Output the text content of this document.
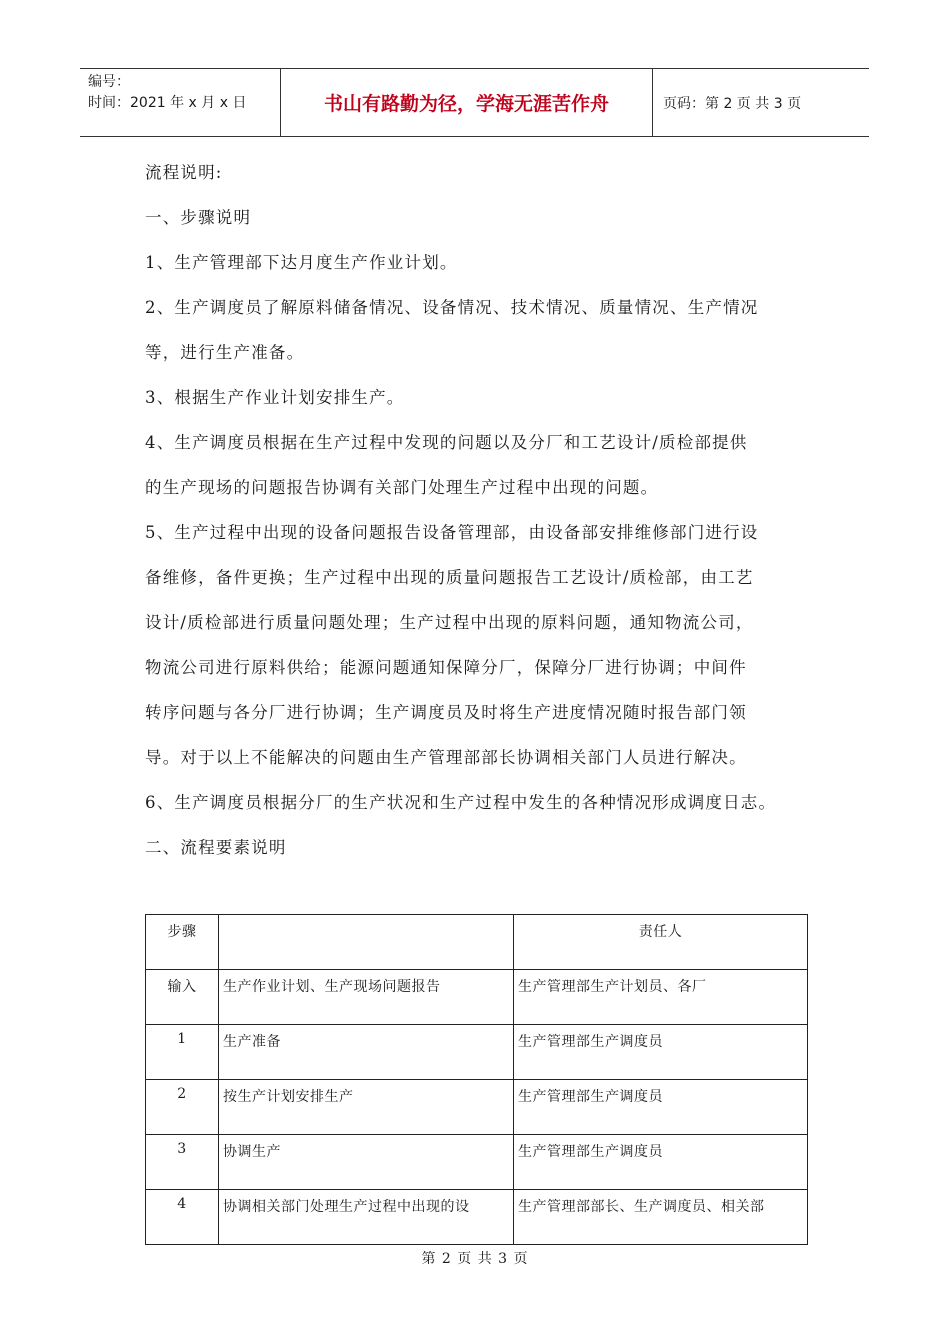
编号：
时间：2021 年 x 月 x 日	书山有路勤为径，学海无涯苦作舟	页码：第 2 页 共 3 页

流程说明:

一、步骤说明

1、生产管理部下达月度生产作业计划。

2、生产调度员了解原料储备情况、设备情况、技术情况、质量情况、生产情况

等，进行生产准备。

3、根据生产作业计划安排生产。

4、生产调度员根据在生产过程中发现的问题以及分厂和工艺设计/质检部提供

的生产现场的问题报告协调有关部门处理生产过程中出现的问题。

5、生产过程中出现的设备问题报告设备管理部，由设备部安排维修部门进行设

备维修，备件更换；生产过程中出现的质量问题报告工艺设计/质检部，由工艺

设计/质检部进行质量问题处理；生产过程中出现的原料问题，通知物流公司，

物流公司进行原料供给；能源问题通知保障分厂，保障分厂进行协调；中间件

转序问题与各分厂进行协调；生产调度员及时将生产进度情况随时报告部门领

导。对于以上不能解决的问题由生产管理部部长协调相关部门人员进行解决。

6、生产调度员根据分厂的生产状况和生产过程中发生的各种情况形成调度日志。

二、流程要素说明

步骤		责任人
输入	生产作业计划、生产现场问题报告	生产管理部生产计划员、各厂
1	生产准备	生产管理部生产调度员
2	按生产计划安排生产	生产管理部生产调度员
3	协调生产	生产管理部生产调度员
4	协调相关部门处理生产过程中出现的设	生产管理部部长、生产调度员、相关部
第 2 页 共 3 页
